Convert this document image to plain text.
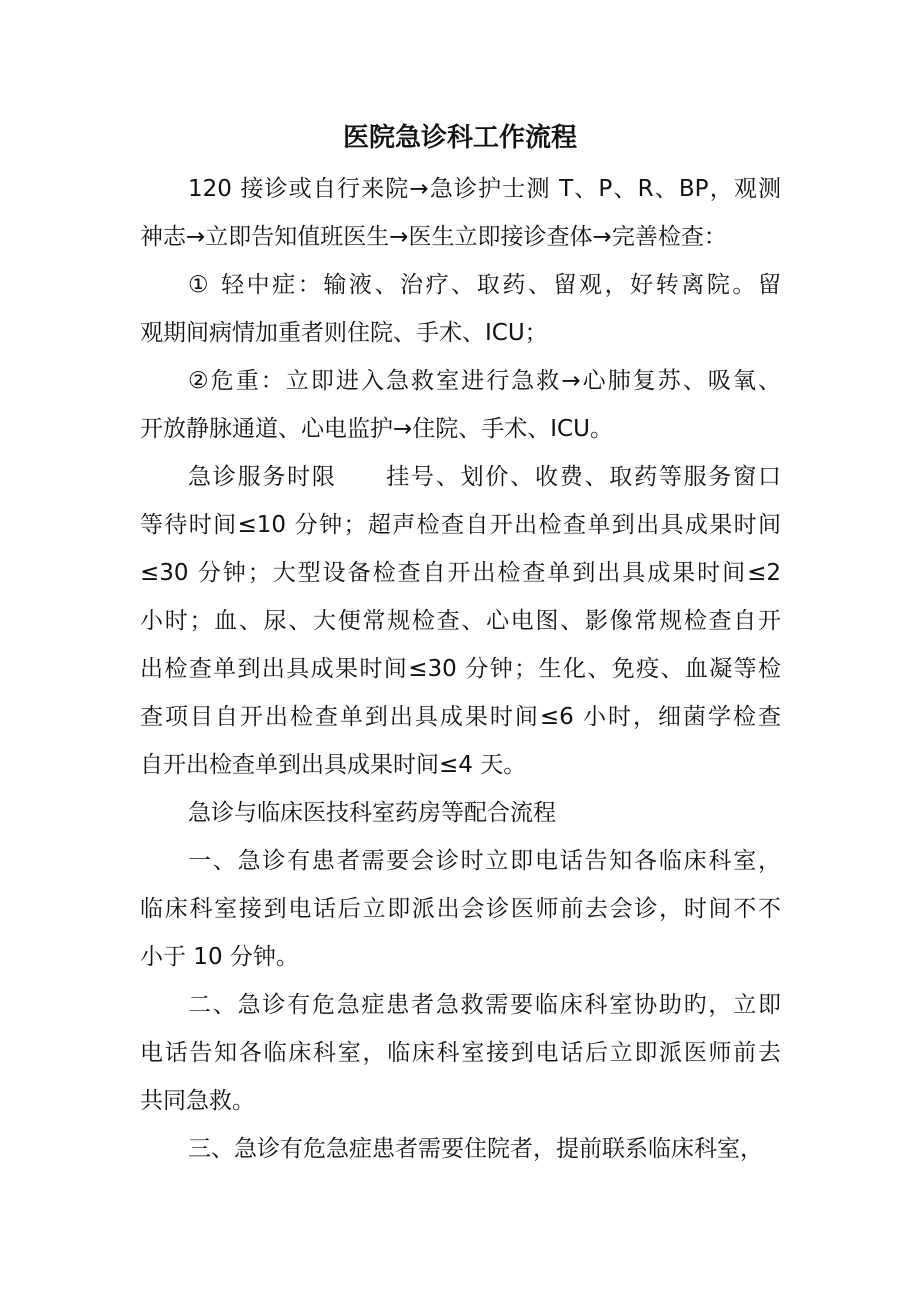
医院急诊科工作流程
120 接诊或自行来院→急诊护士测 T、P、R、BP，观测
神志→立即告知值班医生→医生立即接诊查体→完善检查：
① 轻中症：输液、治疗、取药、留观，好转离院。留
观期间病情加重者则住院、手术、ICU；
②危重：立即进入急救室进行急救→心肺复苏、吸氧、
开放静脉通道、心电监护→住院、手术、ICU。
急诊服务时限　　挂号、划价、收费、取药等服务窗口
等待时间≤10 分钟；超声检查自开出检查单到出具成果时间
≤30 分钟；大型设备检查自开出检查单到出具成果时间≤2
小时；血、尿、大便常规检查、心电图、影像常规检查自开
出检查单到出具成果时间≤30 分钟；生化、免疫、血凝等检
查项目自开出检查单到出具成果时间≤6 小时，细菌学检查
自开出检查单到出具成果时间≤4 天。
急诊与临床医技科室药房等配合流程
一、急诊有患者需要会诊时立即电话告知各临床科室，
临床科室接到电话后立即派出会诊医师前去会诊，时间不不
小于 10 分钟。
二、急诊有危急症患者急救需要临床科室协助旳，立即
电话告知各临床科室，临床科室接到电话后立即派医师前去
共同急救。
三、急诊有危急症患者需要住院者，提前联系临床科室，
